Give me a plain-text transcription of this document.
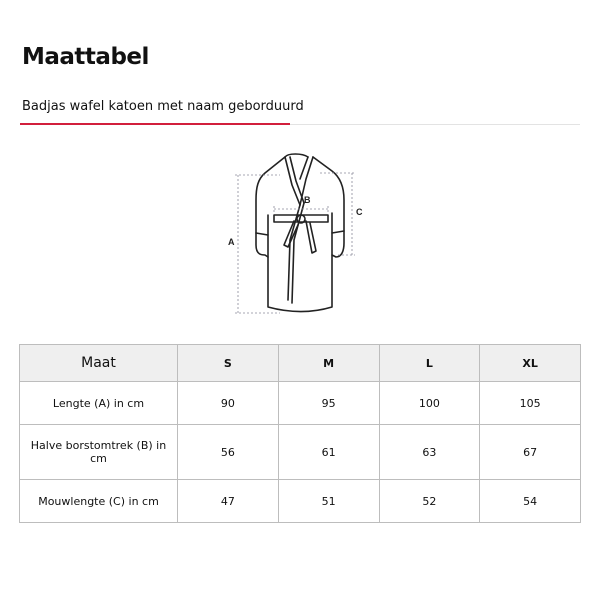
Maattabel
Badjas wafel katoen met naam geborduurd
A
B
C
Maat	S	M	L	XL
Lengte (A) in cm	90	95	100	105
Halve borstomtrek (B) in cm	56	61	63	67
Mouwlengte (C) in cm	47	51	52	54
